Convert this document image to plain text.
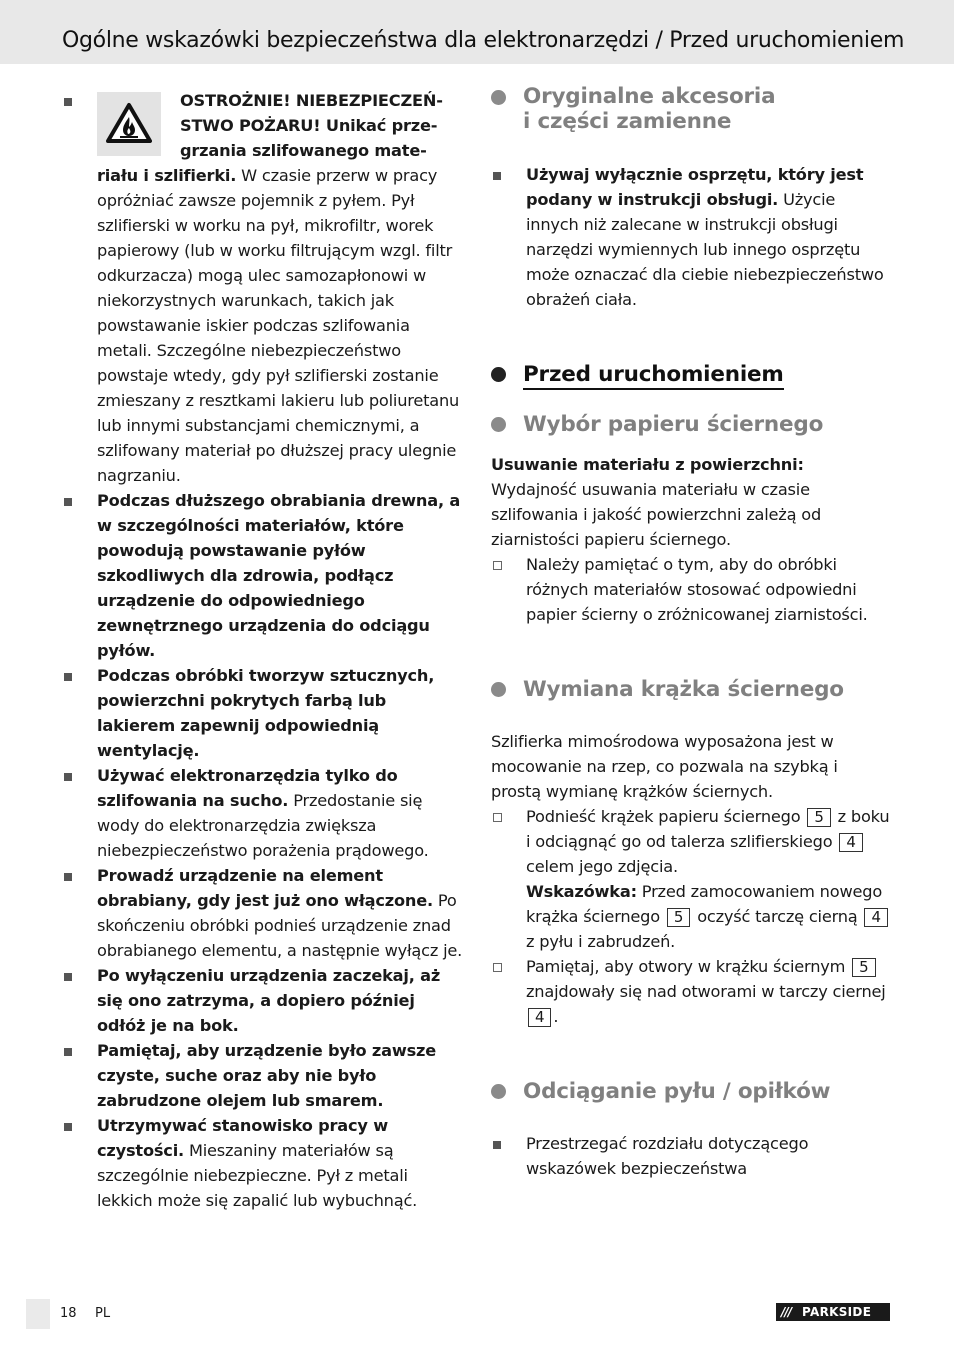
Ogólne wskazówki bezpieczeństwa dla elektronarzędzi / Przed uruchomieniem
OSTROŻNIE! NIEBEZPIECZEŃ-
STWO POŻARU! Unikać prze-
grzania szlifowanego mate-
riału i szlifierki. W czasie przerw w pracy opróżniać zawsze pojemnik z pyłem. Pył szlifierski w worku na pył, mikrofiltr, worek papierowy (lub w worku filtrującym wzgl. filtr odkurzacza) mogą ulec samozapłonowi w niekorzystnych warunkach, takich jak powstawanie iskier podczas szlifowania metali. Szczególne niebezpieczeństwo powstaje wtedy, gdy pył szlifierski zostanie zmieszany z resztkami lakieru lub poliuretanu lub innymi substancjami chemicznymi, a szlifowany materiał po dłuższej pracy ulegnie nagrzaniu.
Podczas dłuższego obrabiania drewna, a w szczególności materiałów, które powodują powstawanie pyłów szkodliwych dla zdrowia, podłącz urządzenie do odpowiedniego zewnętrznego urządzenia do odciągu pyłów.
Podczas obróbki tworzyw sztucznych, powierzchni pokrytych farbą lub lakierem zapewnij odpowiednią wentylację.
Używać elektronarzędzia tylko do szlifowania na sucho. Przedostanie się wody do elektronarzędzia zwiększa niebezpieczeństwo porażenia prądowego.
Prowadź urządzenie na element obrabiany, gdy jest już ono włączone. Po skończeniu obróbki podnieś urządzenie znad obrabianego elementu, a następnie wyłącz je.
Po wyłączeniu urządzenia zaczekaj, aż się ono zatrzyma, a dopiero później odłóż je na bok.
Pamiętaj, aby urządzenie było zawsze czyste, suche oraz aby nie było zabrudzone olejem lub smarem.
Utrzymywać stanowisko pracy w czystości. Mieszaniny materiałów są szczególnie niebezpieczne. Pył z metali lekkich może się zapalić lub wybuchnąć.
Oryginalne akcesoria
i części zamienne
Używaj wyłącznie osprzętu, który jest podany w instrukcji obsługi. Użycie innych niż zalecane w instrukcji obsługi narzędzi wymiennych lub innego osprzętu może oznaczać dla ciebie niebezpieczeństwo obrażeń ciała.
Przed uruchomieniem
Wybór papieru ściernego
Usuwanie materiału z powierzchni:
Wydajność usuwania materiału w czasie szlifowania i jakość powierzchni zależą od ziarnistości papieru ściernego.
Należy pamiętać o tym, aby do obróbki różnych materiałów stosować odpowiedni papier ścierny o zróżnicowanej ziarnistości.
Wymiana krążka ściernego
Szlifierka mimośrodowa wyposażona jest w mocowanie na rzep, co pozwala na szybką i prostą wymianę krążków ściernych.
Podnieść krążek papieru ściernego 5 z boku i odciągnąć go od talerza szlifierskiego 4 celem jego zdjęcia.
Wskazówka: Przed zamocowaniem nowego krążka ściernego 5 oczyść tarczę cierną 4 z pyłu i zabrudzeń.
Pamiętaj, aby otwory w krążku ściernym 5 znajdowały się nad otworami w tarczy ciernej 4 .
Odciąganie pyłu / opiłków
Przestrzegać rozdziału dotyczącego wskazówek bezpieczeństwa
18 PL	/// PARKSIDE
